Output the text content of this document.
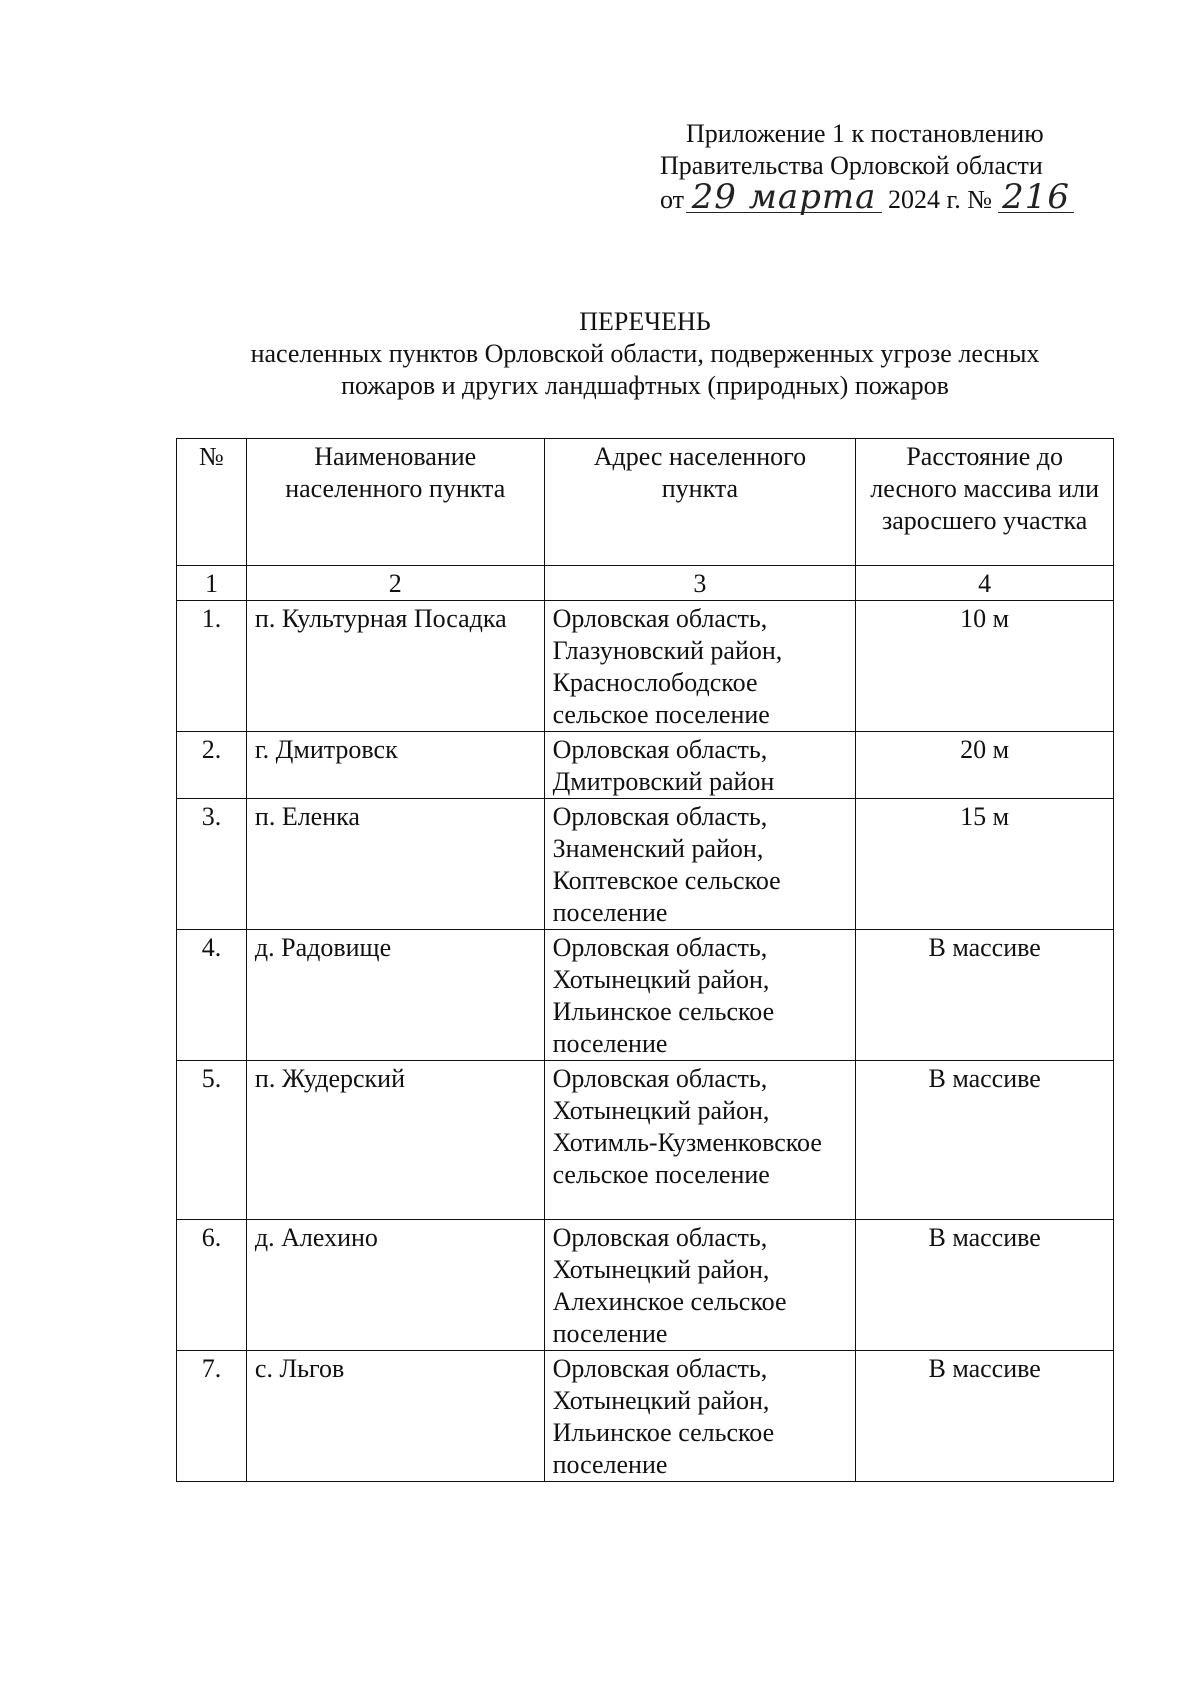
Приложение 1 к постановлению
Правительства Орловской области
от 29 марта 2024 г. № 216
ПЕРЕЧЕНЬ
населенных пунктов Орловской области, подверженных угрозе лесных
пожаров и других ландшафтных (природных) пожаров
№	Наименование населенного пункта	Адрес населенного пункта	Расстояние до лесного массива или заросшего участка
1	2	3	4
1.	п. Культурная Посадка	Орловская область, Глазуновский район, Краснослободское сельское поселение	10 м
2.	г. Дмитровск	Орловская область, Дмитровский район	20 м
3.	п. Еленка	Орловская область, Знаменский район, Коптевское сельское поселение	15 м
4.	д. Радовище	Орловская область, Хотынецкий район, Ильинское сельское поселение	В массиве
5.	п. Жудерский	Орловская область, Хотынецкий район, Хотимль-Кузменковское сельское поселение	В массиве
6.	д. Алехино	Орловская область, Хотынецкий район, Алехинское сельское поселение	В массиве
7.	с. Льгов	Орловская область, Хотынецкий район, Ильинское сельское поселение	В массиве
